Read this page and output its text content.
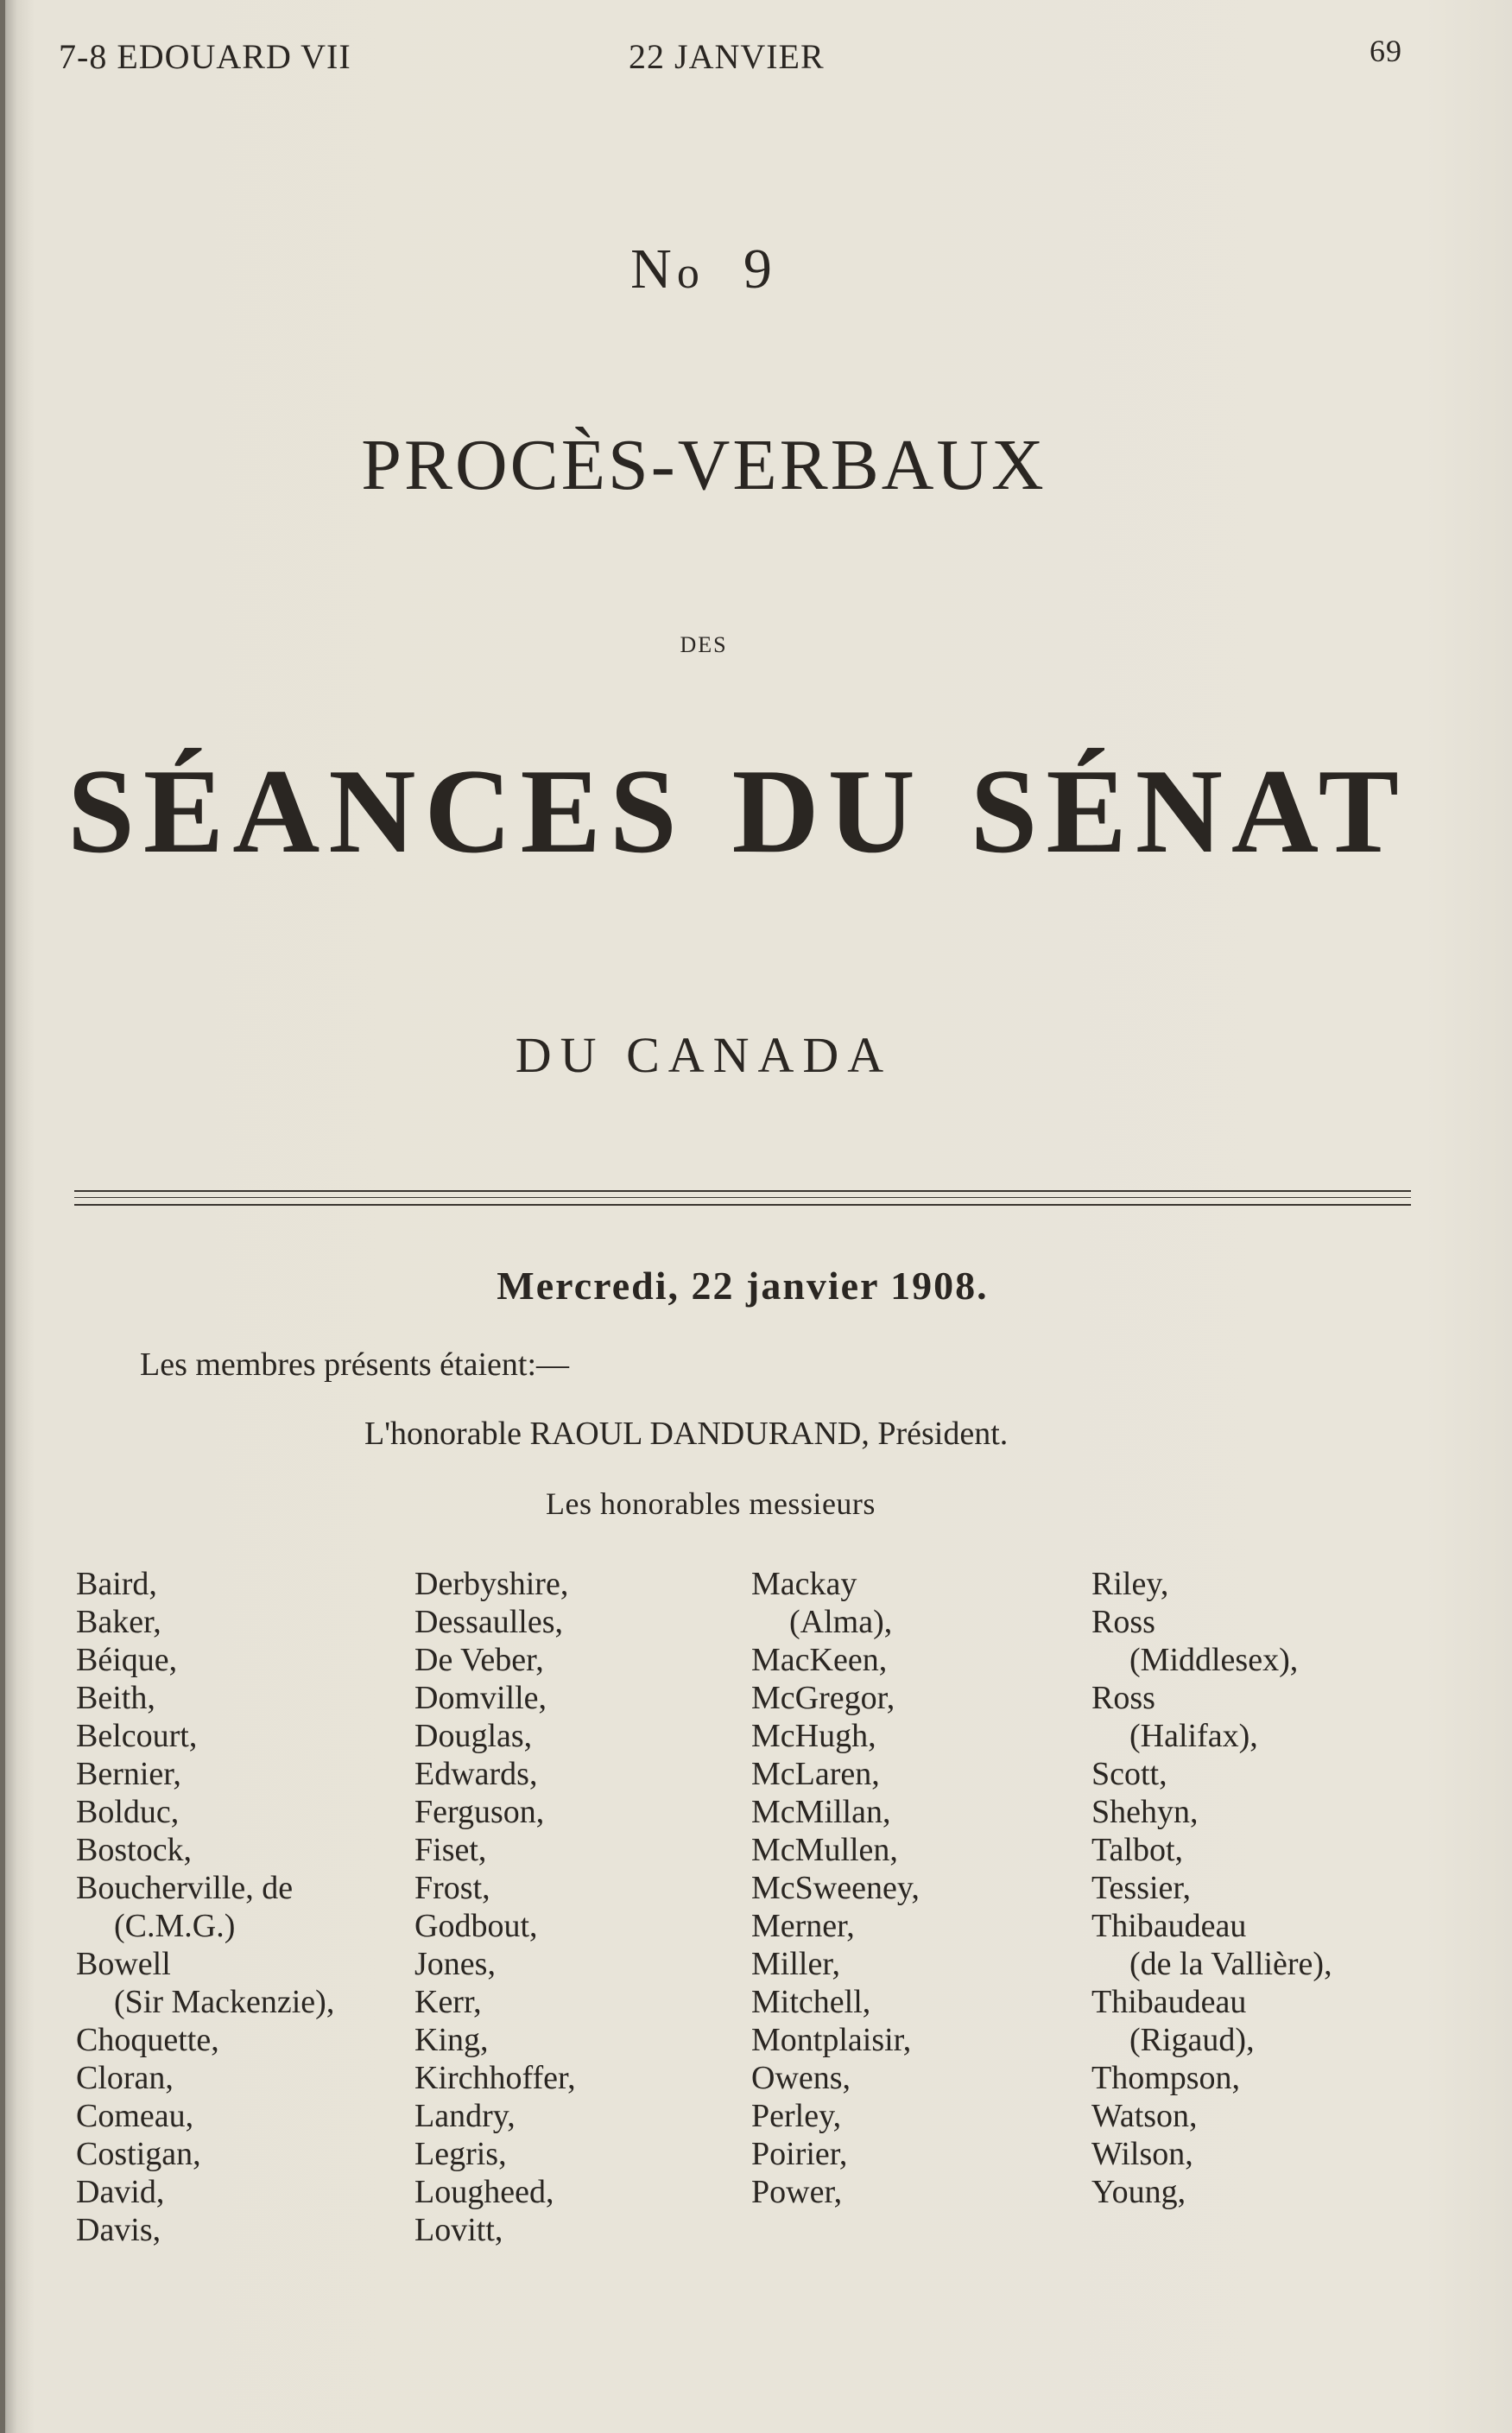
7-8 EDOUARD VII	22 JANVIER	69
No 9
PROCÈS-VERBAUX
DES
SÉANCES DU SÉNAT
DU CANADA
Mercredi, 22 janvier 1908.
Les membres présents étaient:—
L'honorable RAOUL DANDURAND, Président.
Les honorables messieurs
Baird,
Baker,
Béique,
Beith,
Belcourt,
Bernier,
Bolduc,
Bostock,
Boucherville, de
(C.M.G.)
Bowell
(Sir Mackenzie),
Choquette,
Cloran,
Comeau,
Costigan,
David,
Davis,
Derbyshire,
Dessaulles,
De Veber,
Domville,
Douglas,
Edwards,
Ferguson,
Fiset,
Frost,
Godbout,
Jones,
Kerr,
King,
Kirchhoffer,
Landry,
Legris,
Lougheed,
Lovitt,
Mackay
(Alma),
MacKeen,
McGregor,
McHugh,
McLaren,
McMillan,
McMullen,
McSweeney,
Merner,
Miller,
Mitchell,
Montplaisir,
Owens,
Perley,
Poirier,
Power,
Riley,
Ross
(Middlesex),
Ross
(Halifax),
Scott,
Shehyn,
Talbot,
Tessier,
Thibaudeau
(de la Vallière),
Thibaudeau
(Rigaud),
Thompson,
Watson,
Wilson,
Young,
